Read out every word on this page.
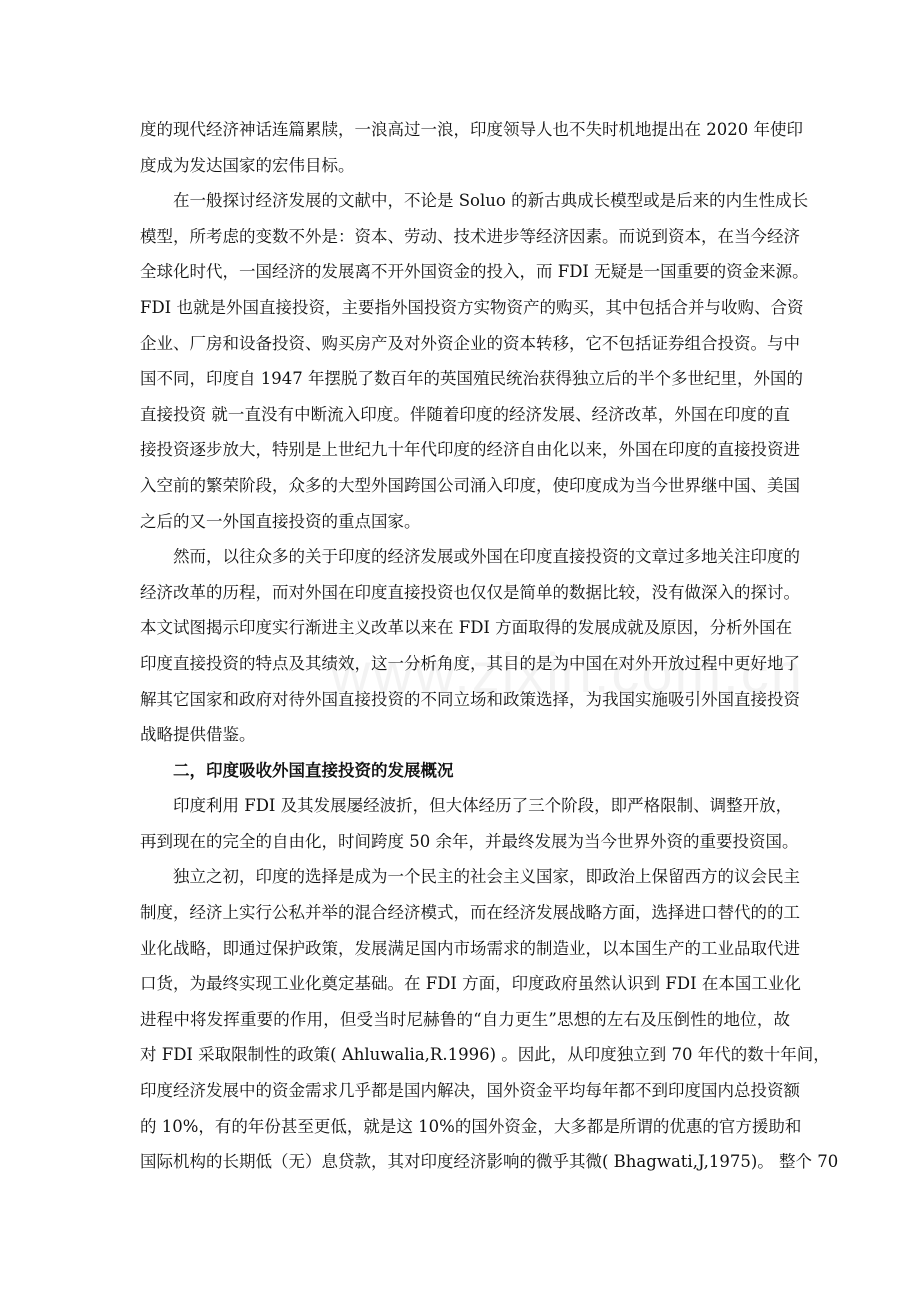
度的现代经济神话连篇累牍，一浪高过一浪，印度领导人也不失时机地提出在 2020 年使印
度成为发达国家的宏伟目标。
在一般探讨经济发展的文献中，不论是 Soluo 的新古典成长模型或是后来的内生性成长
模型，所考虑的变数不外是：资本、劳动、技术进步等经济因素。而说到资本，在当今经济
全球化时代，一国经济的发展离不开外国资金的投入，而 FDI 无疑是一国重要的资金来源。
FDI 也就是外国直接投资，主要指外国投资方实物资产的购买，其中包括合并与收购、合资
企业、厂房和设备投资、购买房产及对外资企业的资本转移，它不包括证券组合投资。与中
国不同，印度自 1947 年摆脱了数百年的英国殖民统治获得独立后的半个多世纪里，外国的
直接投资 就一直没有中断流入印度。伴随着印度的经济发展、经济改革，外国在印度的直
接投资逐步放大，特别是上世纪九十年代印度的经济自由化以来，外国在印度的直接投资进
入空前的繁荣阶段，众多的大型外国跨国公司涌入印度，使印度成为当今世界继中国、美国
之后的又一外国直接投资的重点国家。
然而，以往众多的关于印度的经济发展或外国在印度直接投资的文章过多地关注印度的
经济改革的历程，而对外国在印度直接投资也仅仅是简单的数据比较，没有做深入的探讨。
本文试图揭示印度实行渐进主义改革以来在 FDI 方面取得的发展成就及原因，分析外国在
印度直接投资的特点及其绩效，这一分析角度，其目的是为中国在对外开放过程中更好地了
解其它国家和政府对待外国直接投资的不同立场和政策选择，为我国实施吸引外国直接投资
战略提供借鉴。
二，印度吸收外国直接投资的发展概况
印度利用 FDI 及其发展屡经波折，但大体经历了三个阶段，即严格限制、调整开放，
再到现在的完全的自由化，时间跨度 50 余年，并最终发展为当今世界外资的重要投资国。
独立之初，印度的选择是成为一个民主的社会主义国家，即政治上保留西方的议会民主
制度，经济上实行公私并举的混合经济模式，而在经济发展战略方面，选择进口替代的的工
业化战略，即通过保护政策，发展满足国内市场需求的制造业，以本国生产的工业品取代进
口货，为最终实现工业化奠定基础。在 FDI 方面，印度政府虽然认识到 FDI 在本国工业化
进程中将发挥重要的作用，但受当时尼赫鲁的“自力更生”思想的左右及压倒性的地位，故
对 FDI 采取限制性的政策( Ahluwalia,R.1996) 。因此，从印度独立到 70 年代的数十年间，
印度经济发展中的资金需求几乎都是国内解决，国外资金平均每年都不到印度国内总投资额
的 10%，有的年份甚至更低，就是这 10%的国外资金，大多都是所谓的优惠的官方援助和
国际机构的长期低（无）息贷款，其对印度经济影响的微乎其微( Bhagwati,J,1975)。 整个 70
